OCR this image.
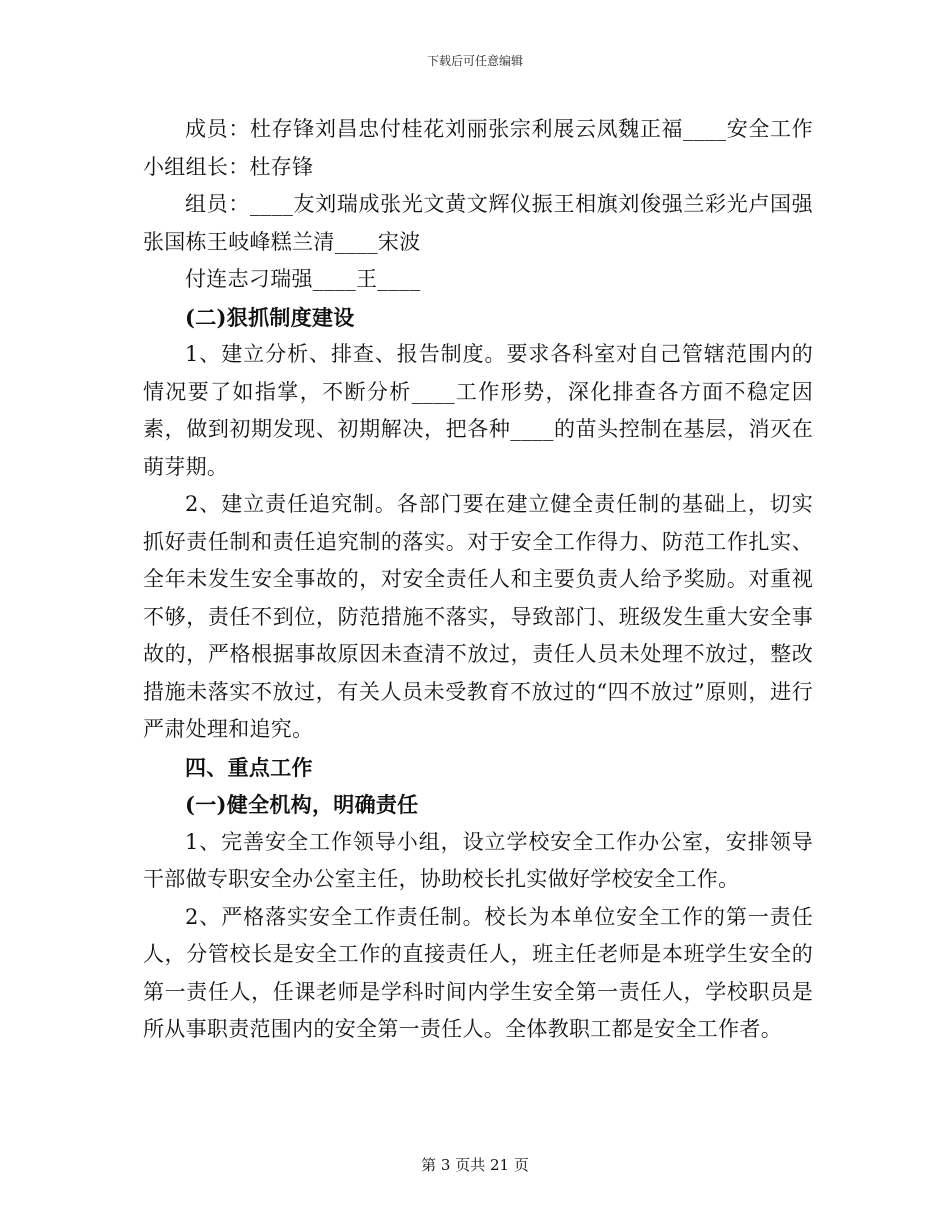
下载后可任意编辑

成员：杜存锋刘昌忠付桂花刘丽张宗利展云凤魏正福____安全工作小组组长：杜存锋

组员：____友刘瑞成张光文黄文辉仪振王相旗刘俊强兰彩光卢国强张国栋王岐峰糕兰清____宋波

付连志刁瑞强____王____

(二)狠抓制度建设

1、建立分析、排查、报告制度。要求各科室对自己管辖范围内的情况要了如指掌，不断分析____工作形势，深化排查各方面不稳定因素，做到初期发现、初期解决，把各种____的苗头控制在基层，消灭在萌芽期。

2、建立责任追究制。各部门要在建立健全责任制的基础上，切实抓好责任制和责任追究制的落实。对于安全工作得力、防范工作扎实、全年未发生安全事故的，对安全责任人和主要负责人给予奖励。对重视不够，责任不到位，防范措施不落实，导致部门、班级发生重大安全事故的，严格根据事故原因未查清不放过，责任人员未处理不放过，整改措施未落实不放过，有关人员未受教育不放过的“四不放过”原则，进行严肃处理和追究。

四、重点工作

(一)健全机构，明确责任

1、完善安全工作领导小组，设立学校安全工作办公室，安排领导干部做专职安全办公室主任，协助校长扎实做好学校安全工作。

2、严格落实安全工作责任制。校长为本单位安全工作的第一责任人，分管校长是安全工作的直接责任人，班主任老师是本班学生安全的第一责任人，任课老师是学科时间内学生安全第一责任人，学校职员是所从事职责范围内的安全第一责任人。全体教职工都是安全工作者。

第 3 页共 21 页
